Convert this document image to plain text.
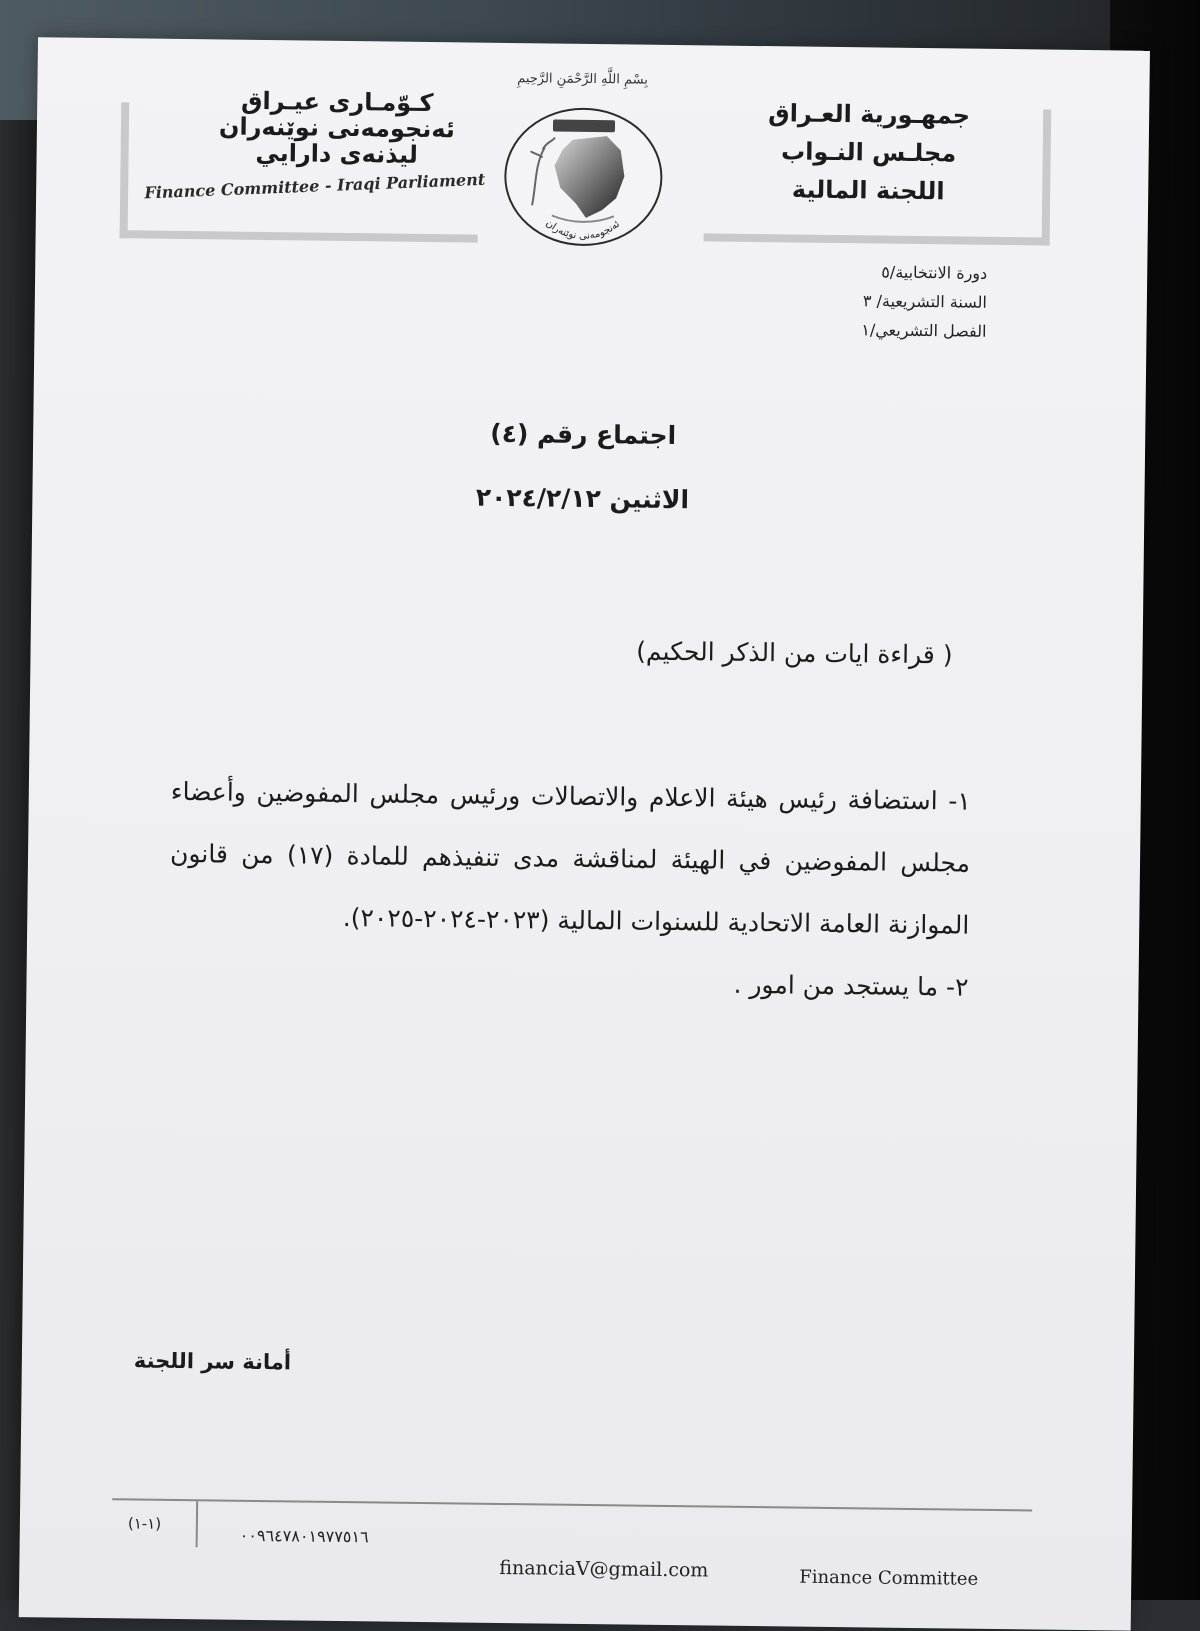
جمهـورية العـراق
مجلـس النـواب
اللجنة المالية
كـوّمـارى عيـراق
ئەنجومەنى نوێنەران
ليذنەى دارايي
Finance Committee - Iraqi Parliament
بِسْمِ اللَّهِ الرَّحْمَنِ الرَّحِيمِ
ئەنجومەنی نوێنەران
دورة الانتخابية/٥
السنة التشريعية/ ٣
الفصل التشريعي/١
اجتماع رقم (٤)
الاثنين ٢٠٢٤/٢/١٢
( قراءة ايات من الذكر الحكيم)
١- استضافة رئيس هيئة الاعلام والاتصالات ورئيس مجلس المفوضين وأعضاء مجلس المفوضين في الهيئة لمناقشة مدى تنفيذهم للمادة (١٧) من قانون الموازنة العامة الاتحادية للسنوات المالية (٢٠٢٣-٢٠٢٤-٢٠٢٥).
٢- ما يستجد من امور .
أمانة سر اللجنة
(١-١)
٠٠٩٦٤٧٨٠١٩٧٧٥١٦
financiaV@gmail.com	Finance Committee
